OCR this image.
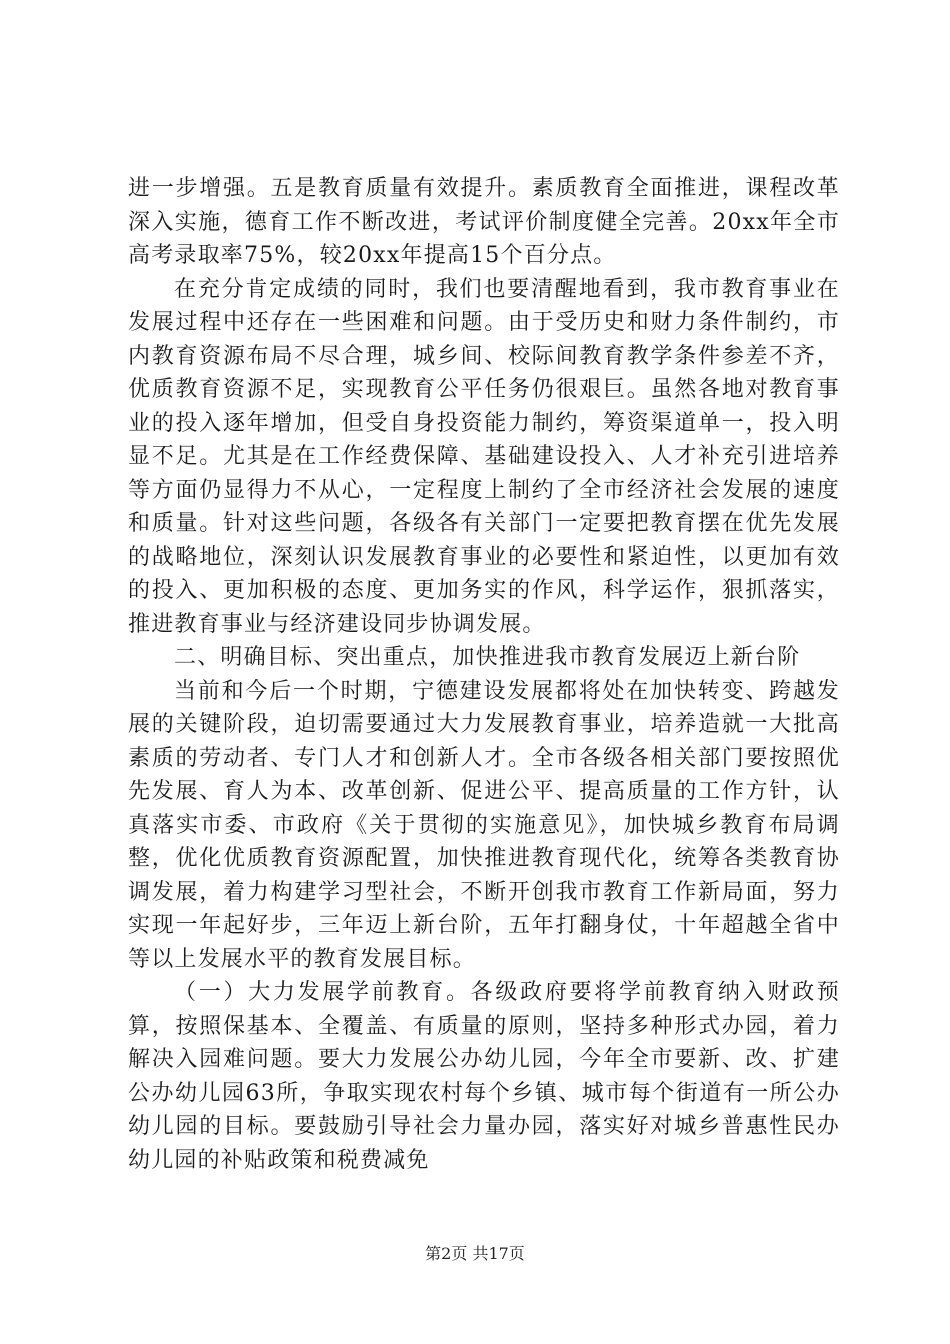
进一步增强。五是教育质量有效提升。素质教育全面推进，课程改革深入实施，德育工作不断改进，考试评价制度健全完善。20xx年全市高考录取率75%，较20xx年提高15个百分点。

在充分肯定成绩的同时，我们也要清醒地看到，我市教育事业在发展过程中还存在一些困难和问题。由于受历史和财力条件制约，市内教育资源布局不尽合理，城乡间、校际间教育教学条件参差不齐，优质教育资源不足，实现教育公平任务仍很艰巨。虽然各地对教育事业的投入逐年增加，但受自身投资能力制约，筹资渠道单一，投入明显不足。尤其是在工作经费保障、基础建设投入、人才补充引进培养等方面仍显得力不从心，一定程度上制约了全市经济社会发展的速度和质量。针对这些问题，各级各有关部门一定要把教育摆在优先发展的战略地位，深刻认识发展教育事业的必要性和紧迫性，以更加有效的投入、更加积极的态度、更加务实的作风，科学运作，狠抓落实，推进教育事业与经济建设同步协调发展。

二、明确目标、突出重点，加快推进我市教育发展迈上新台阶

当前和今后一个时期，宁德建设发展都将处在加快转变、跨越发展的关键阶段，迫切需要通过大力发展教育事业，培养造就一大批高素质的劳动者、专门人才和创新人才。全市各级各相关部门要按照优先发展、育人为本、改革创新、促进公平、提高质量的工作方针，认真落实市委、市政府《关于贯彻的实施意见》，加快城乡教育布局调整，优化优质教育资源配置，加快推进教育现代化，统筹各类教育协调发展，着力构建学习型社会，不断开创我市教育工作新局面，努力实现一年起好步，三年迈上新台阶，五年打翻身仗，十年超越全省中等以上发展水平的教育发展目标。

（一）大力发展学前教育。各级政府要将学前教育纳入财政预算，按照保基本、全覆盖、有质量的原则，坚持多种形式办园，着力解决入园难问题。要大力发展公办幼儿园，今年全市要新、改、扩建公办幼儿园63所，争取实现农村每个乡镇、城市每个街道有一所公办幼儿园的目标。要鼓励引导社会力量办园，落实好对城乡普惠性民办幼儿园的补贴政策和税费减免

第2页 共17页
